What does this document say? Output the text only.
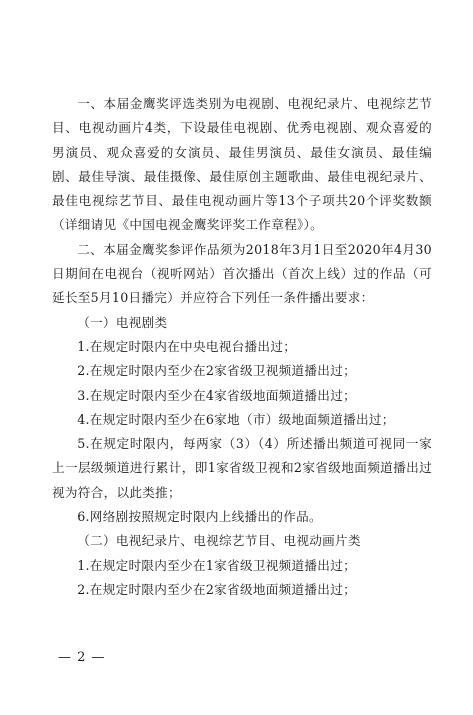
一、本届金鹰奖评选类别为电视剧、电视纪录片、电视综艺节目、电视动画片4类，下设最佳电视剧、优秀电视剧、观众喜爱的男演员、观众喜爱的女演员、最佳男演员、最佳女演员、最佳编剧、最佳导演、最佳摄像、最佳原创主题歌曲、最佳电视纪录片、最佳电视综艺节目、最佳电视动画片等13个子项共20个评奖数额（详细请见《中国电视金鹰奖评奖工作章程》）。

二、本届金鹰奖参评作品须为2018年3月1日至2020年4月30日期间在电视台（视听网站）首次播出（首次上线）过的作品（可延长至5月10日播完）并应符合下列任一条件播出要求：

（一）电视剧类

1.在规定时限内在中央电视台播出过；

2.在规定时限内至少在2家省级卫视频道播出过；

3.在规定时限内至少在4家省级地面频道播出过；

4.在规定时限内至少在6家地（市）级地面频道播出过；

5.在规定时限内，每两家（3）（4）所述播出频道可视同一家上一层级频道进行累计，即1家省级卫视和2家省级地面频道播出过视为符合，以此类推；

6.网络剧按照规定时限内上线播出的作品。

（二）电视纪录片、电视综艺节目、电视动画片类

1.在规定时限内至少在1家省级卫视频道播出过；

2.在规定时限内至少在2家省级地面频道播出过；

— 2 —
